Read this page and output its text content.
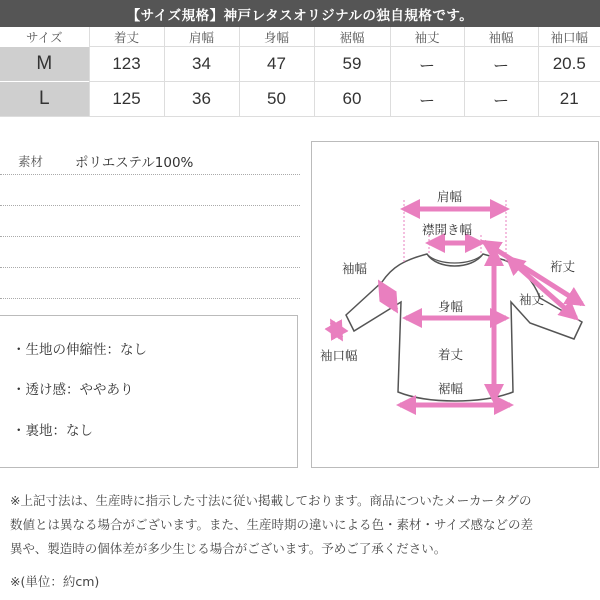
【サイズ規格】神戸レタスオリジナルの独自規格です。
サイズ	着丈	肩幅	身幅	裾幅	袖丈	袖幅	袖口幅
M	123	34	47	59	ー	ー	20.5
L	125	36	50	60	ー	ー	21
素材 ポリエステル100%
・生地の伸縮性：なし
・透け感：ややあり
・裏地：なし
肩幅
襟開き幅
袖幅	裄丈
袖丈
身幅
袖口幅	着丈
裾幅
※上記寸法は、生産時に指示した寸法に従い掲載しております。商品についたメーカータグの
数値とは異なる場合がございます。また、生産時期の違いによる色・素材・サイズ感などの差
異や、製造時の個体差が多少生じる場合がございます。予めご了承ください。
※(単位：約cm)
